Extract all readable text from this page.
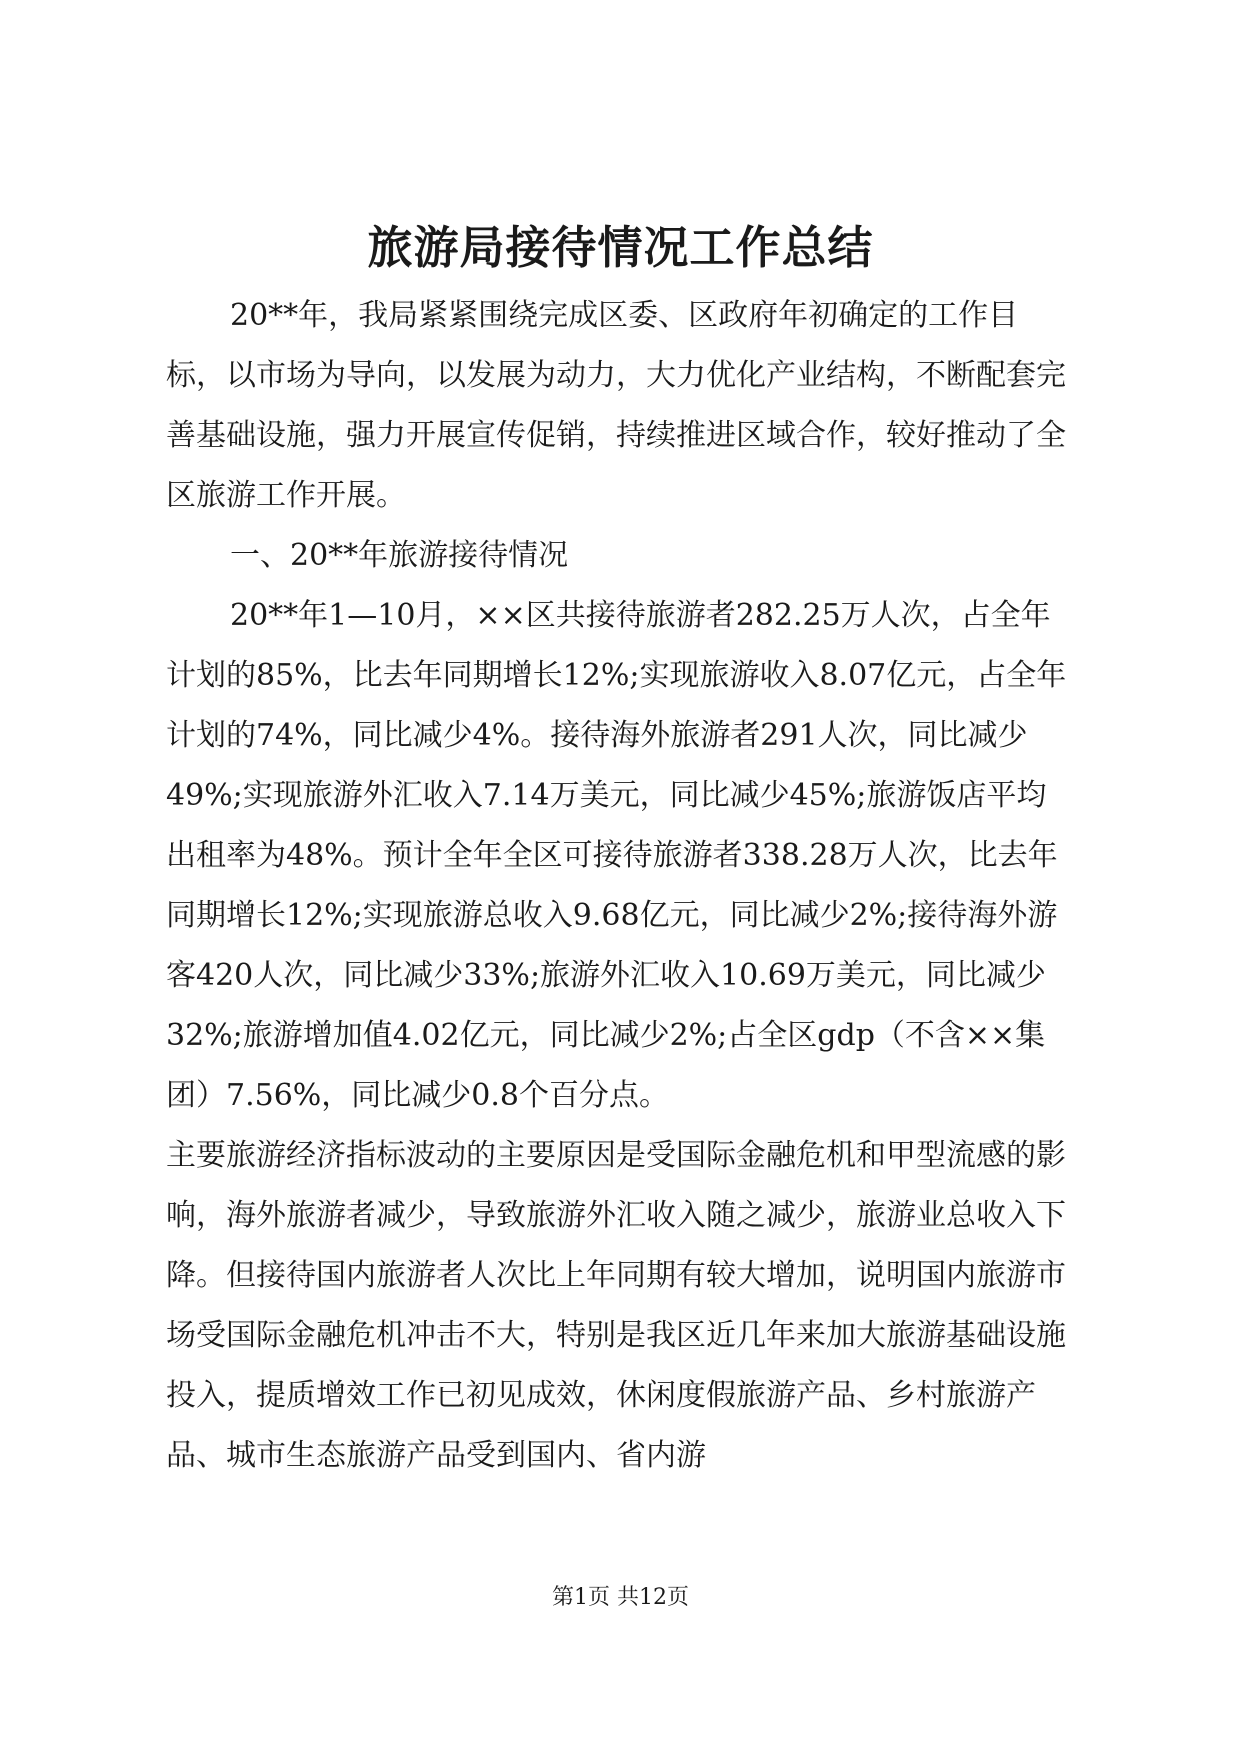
旅游局接待情况工作总结

20**年，我局紧紧围绕完成区委、区政府年初确定的工作目标，以市场为导向，以发展为动力，大力优化产业结构，不断配套完善基础设施，强力开展宣传促销，持续推进区域合作，较好推动了全区旅游工作开展。

一、20**年旅游接待情况

20**年1—10月，××区共接待旅游者282.25万人次，占全年计划的85%，比去年同期增长12%;实现旅游收入8.07亿元，占全年计划的74%，同比减少4%。接待海外旅游者291人次，同比减少49%;实现旅游外汇收入7.14万美元，同比减少45%;旅游饭店平均出租率为48%。预计全年全区可接待旅游者338.28万人次，比去年同期增长12%;实现旅游总收入9.68亿元，同比减少2%;接待海外游客420人次，同比减少33%;旅游外汇收入10.69万美元，同比减少32%;旅游增加值4.02亿元，同比减少2%;占全区gdp（不含××集团）7.56%，同比减少0.8个百分点。

主要旅游经济指标波动的主要原因是受国际金融危机和甲型流感的影响，海外旅游者减少，导致旅游外汇收入随之减少，旅游业总收入下降。但接待国内旅游者人次比上年同期有较大增加，说明国内旅游市场受国际金融危机冲击不大，特别是我区近几年来加大旅游基础设施投入，提质增效工作已初见成效，休闲度假旅游产品、乡村旅游产品、城市生态旅游产品受到国内、省内游

第1页 共12页
